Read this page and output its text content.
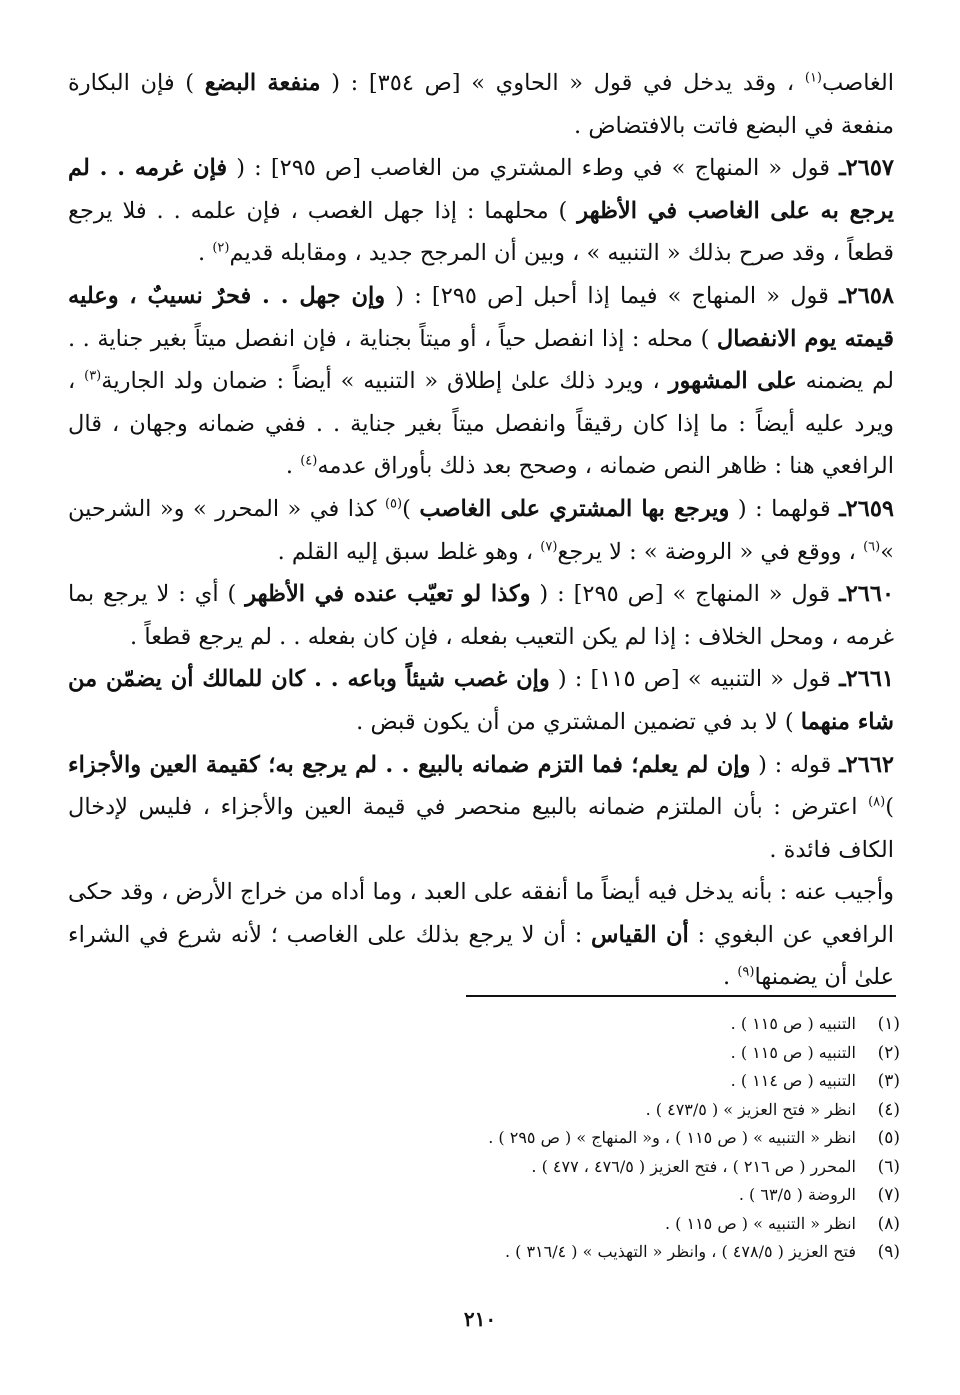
الغاصب$^{(١)}$ ، وقد يدخل في قول « الحاوي » [ص ٣٥٤] : ( منفعة البضع ) فإن البكارة منفعة في البضع فاتت بالافتضاض .

٢٦٥٧ـ قول « المنهاج » في وطء المشتري من الغاصب [ص ٢٩٥] : ( فإن غرمه . . لم يرجع به على الغاصب في الأظهر ) محلهما : إذا جهل الغصب ، فإن علمه . . فلا يرجع قطعاً ، وقد صرح بذلك « التنبيه » ، وبين أن المرجح جديد ، ومقابله قديم$^{(٢)}$ .

٢٦٥٨ـ قول « المنهاج » فيما إذا أحبل [ص ٢٩٥] : ( وإن جهل . . فحرٌ نسيبٌ ، وعليه قيمته يوم الانفصال ) محله : إذا انفصل حياً ، أو ميتاً بجناية ، فإن انفصل ميتاً بغير جناية . . لم يضمنه على المشهور ، ويرد ذلك علىٰ إطلاق « التنبيه » أيضاً : ضمان ولد الجارية$^{(٣)}$ ، ويرد عليه أيضاً : ما إذا كان رقيقاً وانفصل ميتاً بغير جناية . . ففي ضمانه وجهان ، قال الرافعي هنا : ظاهر النص ضمانه ، وصحح بعد ذلك بأوراق عدمه$^{(٤)}$ .

٢٦٥٩ـ قولهما : ( ويرجع بها المشتري على الغاصب )$^{(٥)}$ كذا في « المحرر » و« الشرحين »$^{(٦)}$ ، ووقع في « الروضة » : لا يرجع$^{(٧)}$ ، وهو غلط سبق إليه القلم .

٢٦٦٠ـ قول « المنهاج » [ص ٢٩٥] : ( وكذا لو تعيّب عنده في الأظهر ) أي : لا يرجع بما غرمه ، ومحل الخلاف : إذا لم يكن التعيب بفعله ، فإن كان بفعله . . لم يرجع قطعاً .

٢٦٦١ـ قول « التنبيه » [ص ١١٥] : ( وإن غصب شيئاً وباعه . . كان للمالك أن يضمّن من شاء منهما ) لا بد في تضمين المشتري من أن يكون قبض .

٢٦٦٢ـ قوله : ( وإن لم يعلم؛ فما التزم ضمانه بالبيع . . لم يرجع به؛ كقيمة العين والأجزاء )$^{(٨)}$ اعترض : بأن الملتزم ضمانه بالبيع منحصر في قيمة العين والأجزاء ، فليس لإدخال الكاف فائدة .

وأجيب عنه : بأنه يدخل فيه أيضاً ما أنفقه على العبد ، وما أداه من خراج الأرض ، وقد حكى الرافعي عن البغوي : أن القياس : أن لا يرجع بذلك على الغاصب ؛ لأنه شرع في الشراء علىٰ أن يضمنها$^{(٩)}$ .

(١)
التنبيه ( ص ١١٥ ) .
(٢)
التنبيه ( ص ١١٥ ) .
(٣)
التنبيه ( ص ١١٤ ) .
(٤)
انظر « فتح العزيز » ( ٤٧٣/٥ ) .
(٥)
انظر « التنبيه » ( ص ١١٥ ) ، و« المنهاج » ( ص ٢٩٥ ) .
(٦)
المحرر ( ص ٢١٦ ) ، فتح العزيز ( ٤٧٦/٥ ، ٤٧٧ ) .
(٧)
الروضة ( ٦٣/٥ ) .
(٨)
انظر « التنبيه » ( ص ١١٥ ) .
(٩)
فتح العزيز ( ٤٧٨/٥ ) ، وانظر « التهذيب » ( ٣١٦/٤ ) .
٢١٠
